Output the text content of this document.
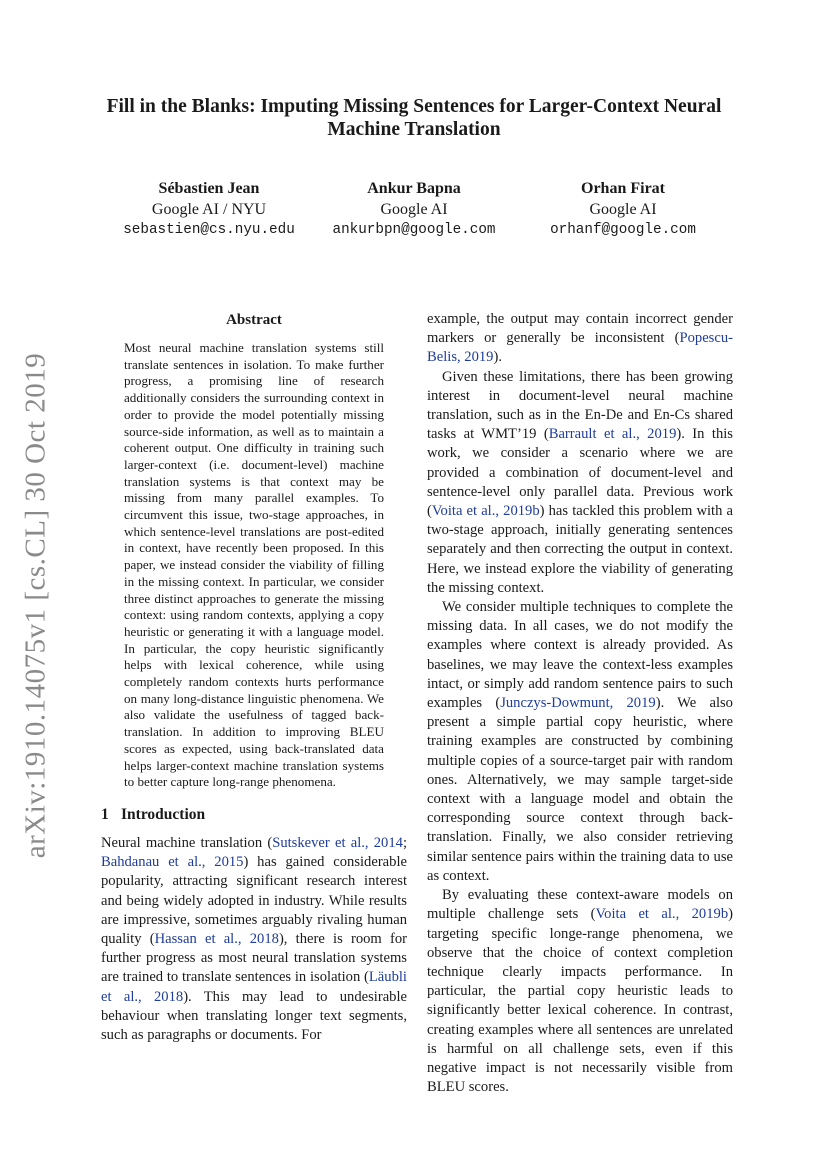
arXiv:1910.14075v1 [cs.CL] 30 Oct 2019
Fill in the Blanks: Imputing Missing Sentences for Larger-Context Neural Machine Translation
Sébastien Jean
Google AI / NYU
sebastien@cs.nyu.edu
Ankur Bapna
Google AI
ankurbpn@google.com
Orhan Firat
Google AI
orhanf@google.com
Abstract
Most neural machine translation systems still translate sentences in isolation. To make further progress, a promising line of research additionally considers the surrounding context in order to provide the model potentially missing source-side information, as well as to maintain a coherent output. One difficulty in training such larger-context (i.e. document-level) machine translation systems is that context may be missing from many parallel examples. To circumvent this issue, two-stage approaches, in which sentence-level translations are post-edited in context, have recently been proposed. In this paper, we instead consider the viability of filling in the missing context. In particular, we consider three distinct approaches to generate the missing context: using random contexts, applying a copy heuristic or generating it with a language model. In particular, the copy heuristic significantly helps with lexical coherence, while using completely random contexts hurts performance on many long-distance linguistic phenomena. We also validate the usefulness of tagged back-translation. In addition to improving BLEU scores as expected, using back-translated data helps larger-context machine translation systems to better capture long-range phenomena.
1 Introduction

Neural machine translation (Sutskever et al., 2014; Bahdanau et al., 2015) has gained considerable popularity, attracting significant research interest and being widely adopted in industry. While results are impressive, sometimes arguably rivaling human quality (Hassan et al., 2018), there is room for further progress as most neural translation systems are trained to translate sentences in isolation (Läubli et al., 2018). This may lead to undesirable behaviour when translating longer text segments, such as paragraphs or documents. For

example, the output may contain incorrect gender markers or generally be inconsistent (Popescu-Belis, 2019).

Given these limitations, there has been growing interest in document-level neural machine translation, such as in the En-De and En-Cs shared tasks at WMT’19 (Barrault et al., 2019). In this work, we consider a scenario where we are provided a combination of document-level and sentence-level only parallel data. Previous work (Voita et al., 2019b) has tackled this problem with a two-stage approach, initially generating sentences separately and then correcting the output in context. Here, we instead explore the viability of generating the missing context.

We consider multiple techniques to complete the missing data. In all cases, we do not modify the examples where context is already provided. As baselines, we may leave the context-less examples intact, or simply add random sentence pairs to such examples (Junczys-Dowmunt, 2019). We also present a simple partial copy heuristic, where training examples are constructed by combining multiple copies of a source-target pair with random ones. Alternatively, we may sample target-side context with a language model and obtain the corresponding source context through back-translation. Finally, we also consider retrieving similar sentence pairs within the training data to use as context.

By evaluating these context-aware models on multiple challenge sets (Voita et al., 2019b) targeting specific longe-range phenomena, we observe that the choice of context completion technique clearly impacts performance. In particular, the partial copy heuristic leads to significantly better lexical coherence. In contrast, creating examples where all sentences are unrelated is harmful on all challenge sets, even if this negative impact is not necessarily visible from BLEU scores.
